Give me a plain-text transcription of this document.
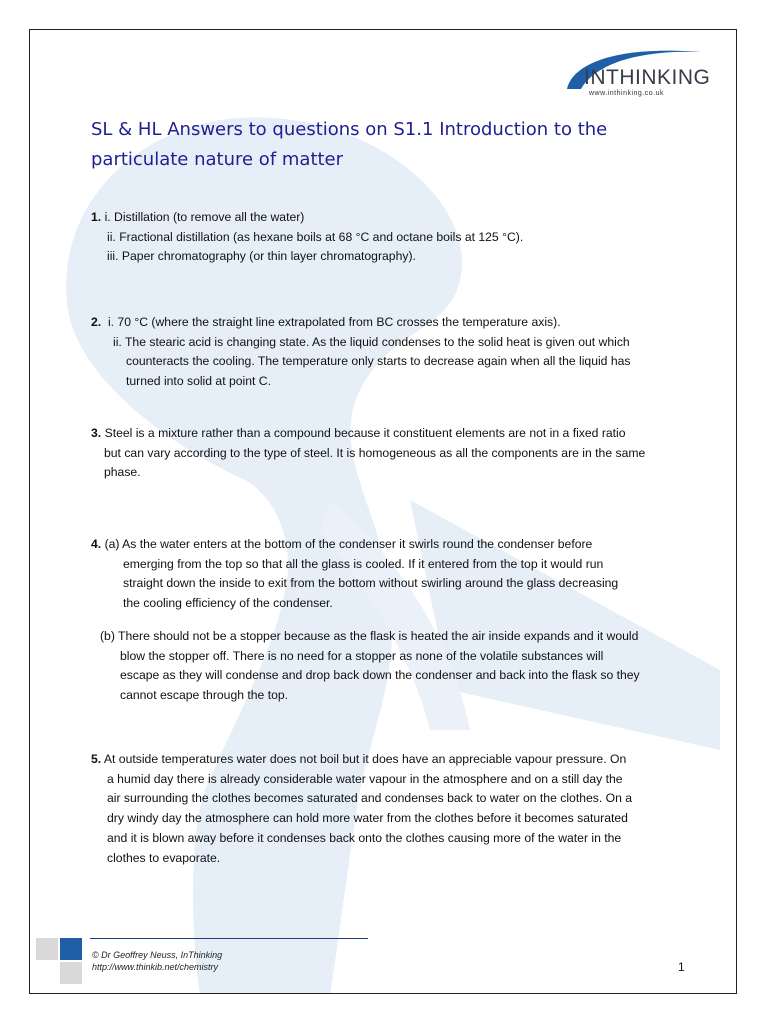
INTHINKING
www.inthinking.co.uk
SL & HL Answers to questions on S1.1 Introduction to the particulate nature of matter
1. i. Distillation (to remove all the water)
ii. Fractional distillation (as hexane boils at 68 °C and octane boils at 125 °C).
iii. Paper chromatography (or thin layer chromatography).
2. i. 70 °C (where the straight line extrapolated from BC crosses the temperature axis).
ii. The stearic acid is changing state. As the liquid condenses to the solid heat is given out which
counteracts the cooling. The temperature only starts to decrease again when all the liquid has
turned into solid at point C.
3. Steel is a mixture rather than a compound because it constituent elements are not in a fixed ratio
but can vary according to the type of steel. It is homogeneous as all the components are in the same
phase.
4. (a) As the water enters at the bottom of the condenser it swirls round the condenser before
emerging from the top so that all the glass is cooled. If it entered from the top it would run
straight down the inside to exit from the bottom without swirling around the glass decreasing
the cooling efficiency of the condenser.
(b) There should not be a stopper because as the flask is heated the air inside expands and it would
blow the stopper off. There is no need for a stopper as none of the volatile substances will
escape as they will condense and drop back down the condenser and back into the flask so they
cannot escape through the top.
5. At outside temperatures water does not boil but it does have an appreciable vapour pressure. On
a humid day there is already considerable water vapour in the atmosphere and on a still day the
air surrounding the clothes becomes saturated and condenses back to water on the clothes. On a
dry windy day the atmosphere can hold more water from the clothes before it becomes saturated
and it is blown away before it condenses back onto the clothes causing more of the water in the
clothes to evaporate.
© Dr Geoffrey Neuss, InThinking
http://www.thinkib.net/chemistry	1
